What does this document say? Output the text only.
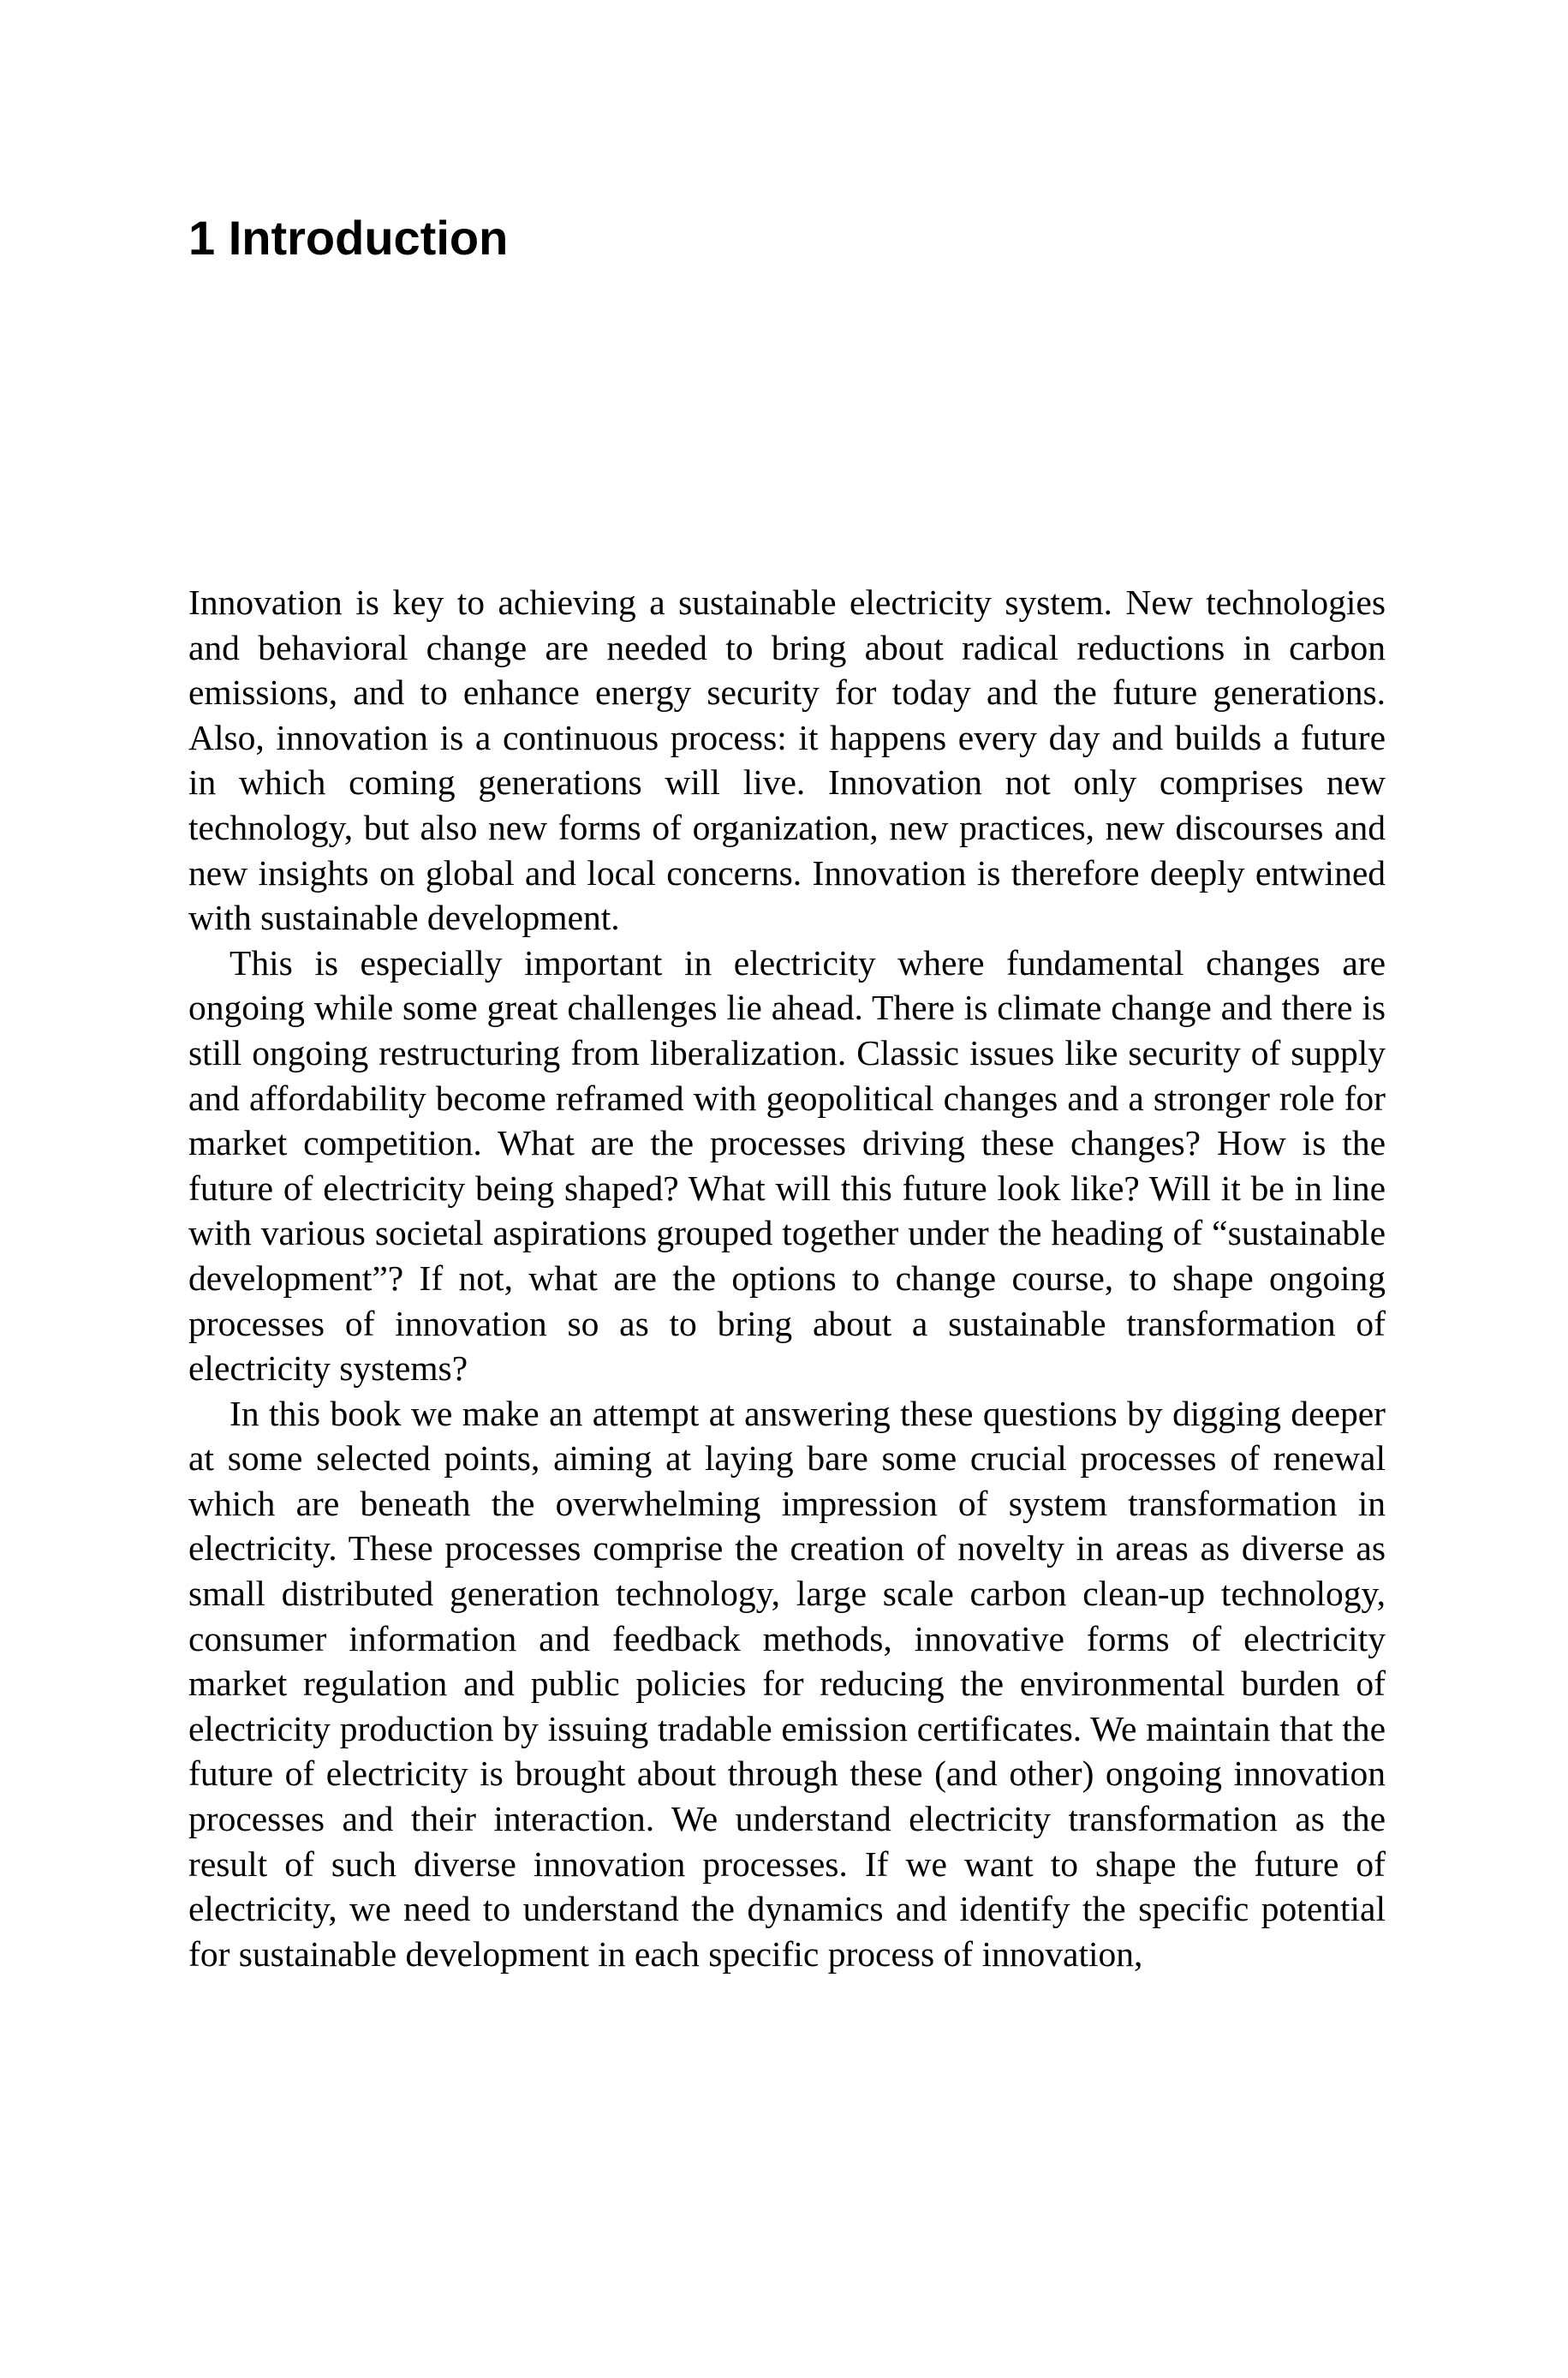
1 Introduction

Innovation is key to achieving a sustainable electricity system. New technologies and behavioral change are needed to bring about radical reductions in carbon emissions, and to enhance energy security for today and the future generations. Also, innovation is a continuous process: it happens every day and builds a future in which coming generations will live. Innovation not only comprises new technology, but also new forms of organization, new practices, new discourses and new insights on global and local concerns. Innovation is therefore deeply entwined with sustainable development.

This is especially important in electricity where fundamental changes are ongoing while some great challenges lie ahead. There is climate change and there is still ongoing restructuring from liberalization. Classic issues like security of supply and affordability become reframed with geopolitical changes and a stronger role for market competition. What are the processes driving these changes? How is the future of electricity being shaped? What will this future look like? Will it be in line with various societal aspirations grouped together under the heading of “sustainable development”? If not, what are the options to change course, to shape ongoing processes of innovation so as to bring about a sustainable transformation of electricity systems?

In this book we make an attempt at answering these questions by digging deeper at some selected points, aiming at laying bare some crucial processes of renewal which are beneath the overwhelming impression of system transformation in electricity. These processes comprise the creation of novelty in areas as diverse as small distributed generation technology, large scale carbon clean-up technology, consumer information and feedback methods, innovative forms of electricity market regulation and public policies for reducing the environmental burden of electricity production by issuing tradable emission certificates. We maintain that the future of electricity is brought about through these (and other) ongoing innovation processes and their interaction. We understand electricity transformation as the result of such diverse innovation processes. If we want to shape the future of electricity, we need to understand the dynamics and identify the specific potential for sustainable development in each specific process of innovation,
